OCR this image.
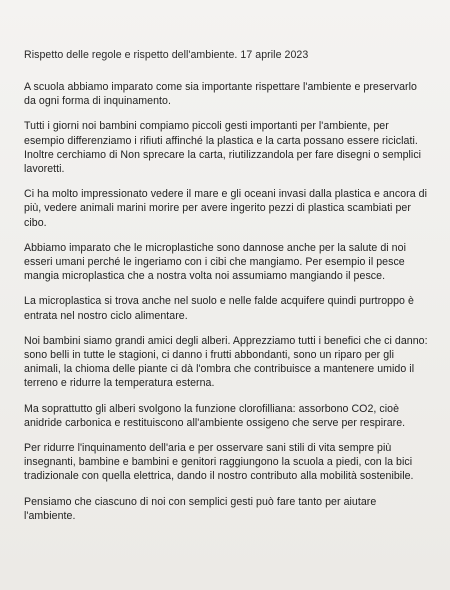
Rispetto delle regole e rispetto dell'ambiente. 17 aprile 2023

A scuola abbiamo imparato come sia importante rispettare l'ambiente e preservarlo da ogni forma di inquinamento.

Tutti i giorni noi bambini compiamo piccoli gesti importanti per l'ambiente, per esempio differenziamo i rifiuti affinché la plastica e la carta possano essere riciclati. Inoltre cerchiamo di Non sprecare la carta, riutilizzandola per fare disegni o semplici lavoretti.

Ci ha molto impressionato vedere il mare e gli oceani invasi dalla plastica e ancora di più, vedere animali marini morire per avere ingerito pezzi di plastica scambiati per cibo.

Abbiamo imparato che le microplastiche sono dannose anche per la salute di noi esseri umani perché le ingeriamo con i cibi che mangiamo. Per esempio il pesce mangia microplastica che a nostra volta noi assumiamo mangiando il pesce.

La microplastica si trova anche nel suolo e nelle falde acquifere quindi purtroppo è entrata nel nostro ciclo alimentare.

Noi bambini siamo grandi amici degli alberi. Apprezziamo tutti i benefici che ci danno: sono belli in tutte le stagioni, ci danno i frutti abbondanti, sono un riparo per gli animali, la chioma delle piante ci dà l'ombra che contribuisce a mantenere umido il terreno e ridurre la temperatura esterna.

Ma soprattutto gli alberi svolgono la funzione clorofilliana: assorbono CO2, cioè anidride carbonica e restituiscono all'ambiente ossigeno che serve per respirare.

Per ridurre l'inquinamento dell'aria e per osservare sani stili di vita sempre più insegnanti, bambine e bambini e genitori raggiungono la scuola a piedi, con la bici tradizionale con quella elettrica, dando il nostro contributo alla mobilità sostenibile.

Pensiamo che ciascuno di noi con semplici gesti può fare tanto per aiutare l'ambiente.
